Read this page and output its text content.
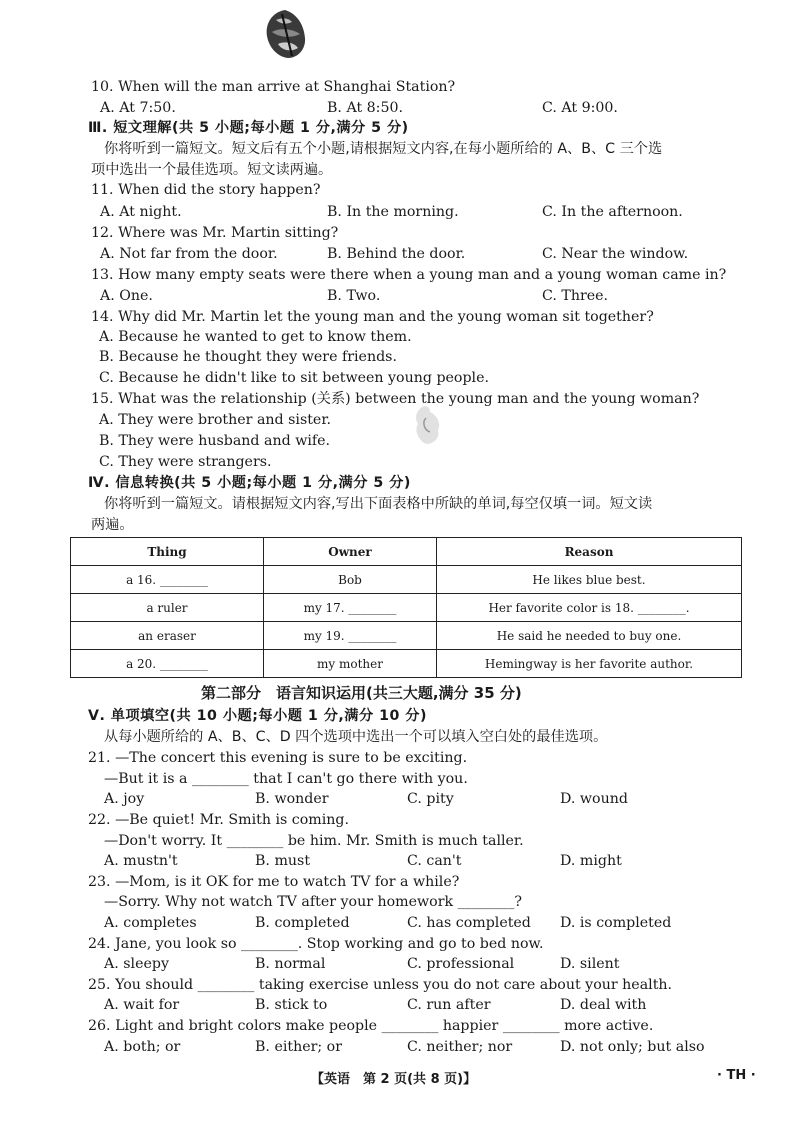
10. When will the man arrive at Shanghai Station?
A. At 7:50.	B. At 8:50.	C. At 9:00.
Ⅲ. 短文理解(共 5 小题;每小题 1 分,满分 5 分)
你将听到一篇短文。短文后有五个小题,请根据短文内容,在每小题所给的 A、B、C 三个选
项中选出一个最佳选项。短文读两遍。
11. When did the story happen?
A. At night.	B. In the morning.	C. In the afternoon.
12. Where was Mr. Martin sitting?
A. Not far from the door.	B. Behind the door.	C. Near the window.
13. How many empty seats were there when a young man and a young woman came in?
A. One.	B. Two.	C. Three.
14. Why did Mr. Martin let the young man and the young woman sit together?
A. Because he wanted to get to know them.
B. Because he thought they were friends.
C. Because he didn't like to sit between young people.
15. What was the relationship (关系) between the young man and the young woman?
A. They were brother and sister.
B. They were husband and wife.
C. They were strangers.
Ⅳ. 信息转换(共 5 小题;每小题 1 分,满分 5 分)
你将听到一篇短文。请根据短文内容,写出下面表格中所缺的单词,每空仅填一词。短文读
两遍。
Thing	Owner	Reason
a 16. ________	Bob	He likes blue best.
a ruler	my 17. ________	Her favorite color is 18. ________.
an eraser	my 19. ________	He said he needed to buy one.
a 20. ________	my mother	Hemingway is her favorite author.
第二部分　语言知识运用(共三大题,满分 35 分)
Ⅴ. 单项填空(共 10 小题;每小题 1 分,满分 10 分)
从每小题所给的 A、B、C、D 四个选项中选出一个可以填入空白处的最佳选项。
21. —The concert this evening is sure to be exciting.
—But it is a ________ that I can't go there with you.
A. joy	B. wonder	C. pity	D. wound
22. —Be quiet! Mr. Smith is coming.
—Don't worry. It ________ be him. Mr. Smith is much taller.
A. mustn't	B. must	C. can't	D. might
23. —Mom, is it OK for me to watch TV for a while?
—Sorry. Why not watch TV after your homework ________?
A. completes	B. completed	C. has completed D. is completed
24. Jane, you look so ________. Stop working and go to bed now.
A. sleepy	B. normal	C. professional	D. silent
25. You should ________ taking exercise unless you do not care about your health.
A. wait for	B. stick to	C. run after	D. deal with
26. Light and bright colors make people ________ happier ________ more active.
A. both; or	B. either; or	C. neither; nor	D. not only; but also
【英语　第 2 页(共 8 页)】	· TH ·
